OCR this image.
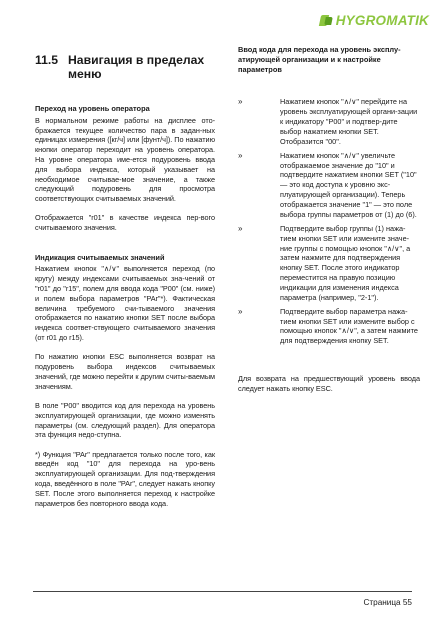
HYGROMATIK
11.5 Навигация в пределах
меню
Переход на уровень оператора

В нормальном режиме работы на дисплее ото-бражается текущее количество пара в задан-ных единицах измерения ([кг/ч] или [фунт/ч]). По нажатию кнопки оператор переходит на уровень оператора. На уровне оператора име-ется подуровень ввода для выбора индекса, который указывает на необходимое считывае-мое значение, а также следующий подуровень для просмотра соответствующих считываемых значений.

Отображается "r01" в качестве индекса пер-вого считываемого значения.

Индикация считываемых значений

Нажатием кнопок "∧/∨" выполняется переход (по кругу) между индексами считываемых зна-чений от "r01" до "r15", полем для ввода кода "P00" (см. ниже) и полем выбора параметров "PAr"*). Фактическая величина требуемого счи-тываемого значения отображается по нажатию кнопки SET после выбора индекса соответ-ствующего считываемого значения (от r01 до r15).

По нажатию кнопки ESC выполняется возврат на подуровень выбора индексов считываемых значений, где можно перейти к другим считы-ваемым значениям.

В поле "P00" вводится код для перехода на уровень эксплуатирующей организации, где можно изменять параметры (см. следующий раздел). Для оператора эта функция недо-ступна.

*) Функция "PAr" предлагается только после того, как введён код "10" для перехода на уро-вень эксплуатирующей организации. Для под-тверждения кода, введённого в поле "PAr", следует нажать кнопку SET. После этого выполняется переход к настройке параметров без повторного ввода кода.

Ввод кода для перехода на уровень эксплу-атирующей организации и к настройке параметров
»	Нажатием кнопок "∧/∨" перейдите на уровень эксплуатирующей органи-зации к индикатору "P00" и подтвер-дите выбор нажатием кнопки SET. Отобразится "00".
»	Нажатием кнопок "∧/∨" увеличьте отображаемое значение до "10" и подтвердите нажатием кнопки SET ("10" — это код доступа к уровню экс-плуатирующей организации). Теперь отображается значение "1" — это поле выбора группы параметров от (1) до (6).
»	Подтвердите выбор группы (1) нажа-тием кнопки SET или измените значе-ние группы с помощью кнопок "∧/∨", а затем нажмите для подтверждения кнопку SET. После этого индикатор переместится на правую позицию индикации для изменения индекса параметра (например, "2-1").
»	Подтвердите выбор параметра нажа-тием кнопки SET или измените выбор с помощью кнопок "∧/∨", а затем нажмите для подтверждения кнопку SET.

Для возврата на предшествующий уровень ввода следует нажать кнопку ESC.

Страница 55
